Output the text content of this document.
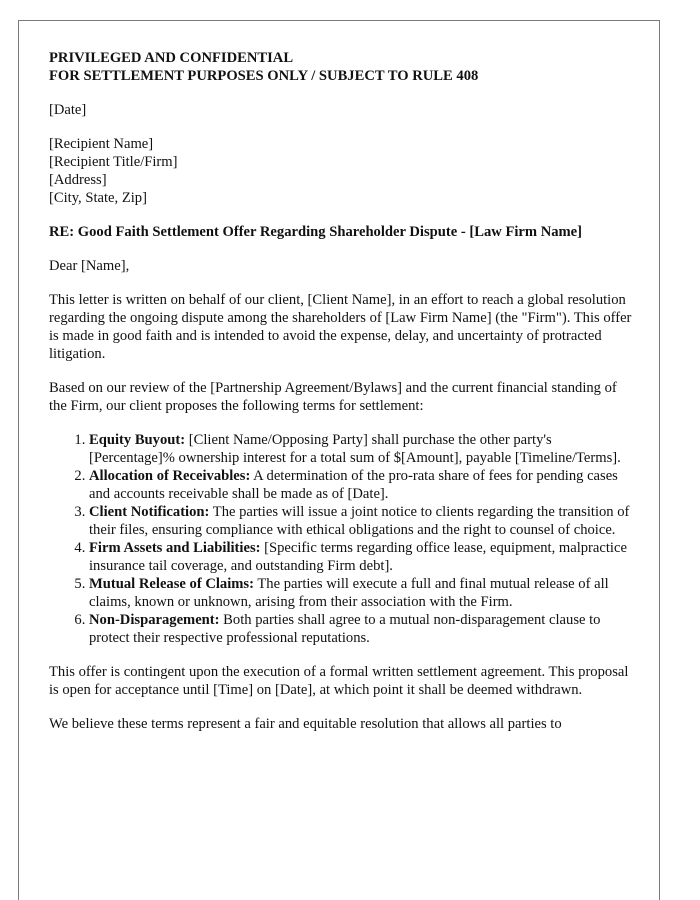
PRIVILEGED AND CONFIDENTIAL
FOR SETTLEMENT PURPOSES ONLY / SUBJECT TO RULE 408

[Date]

[Recipient Name]
[Recipient Title/Firm]
[Address]
[City, State, Zip]
RE: Good Faith Settlement Offer Regarding Shareholder Dispute - [Law Firm Name]

Dear [Name],

This letter is written on behalf of our client, [Client Name], in an effort to reach a global resolution regarding the ongoing dispute among the shareholders of [Law Firm Name] (the "Firm"). This offer is made in good faith and is intended to avoid the expense, delay, and uncertainty of protracted litigation.

Based on our review of the [Partnership Agreement/Bylaws] and the current financial standing of the Firm, our client proposes the following terms for settlement:

1. Equity Buyout: [Client Name/Opposing Party] shall purchase the other party's [Percentage]% ownership interest for a total sum of $[Amount], payable [Timeline/Terms].
2. Allocation of Receivables: A determination of the pro-rata share of fees for pending cases and accounts receivable shall be made as of [Date].
3. Client Notification: The parties will issue a joint notice to clients regarding the transition of their files, ensuring compliance with ethical obligations and the right to counsel of choice.
4. Firm Assets and Liabilities: [Specific terms regarding office lease, equipment, malpractice insurance tail coverage, and outstanding Firm debt].
5. Mutual Release of Claims: The parties will execute a full and final mutual release of all claims, known or unknown, arising from their association with the Firm.
6. Non-Disparagement: Both parties shall agree to a mutual non-disparagement clause to protect their respective professional reputations.

This offer is contingent upon the execution of a formal written settlement agreement. This proposal is open for acceptance until [Time] on [Date], at which point it shall be deemed withdrawn.

We believe these terms represent a fair and equitable resolution that allows all parties to
